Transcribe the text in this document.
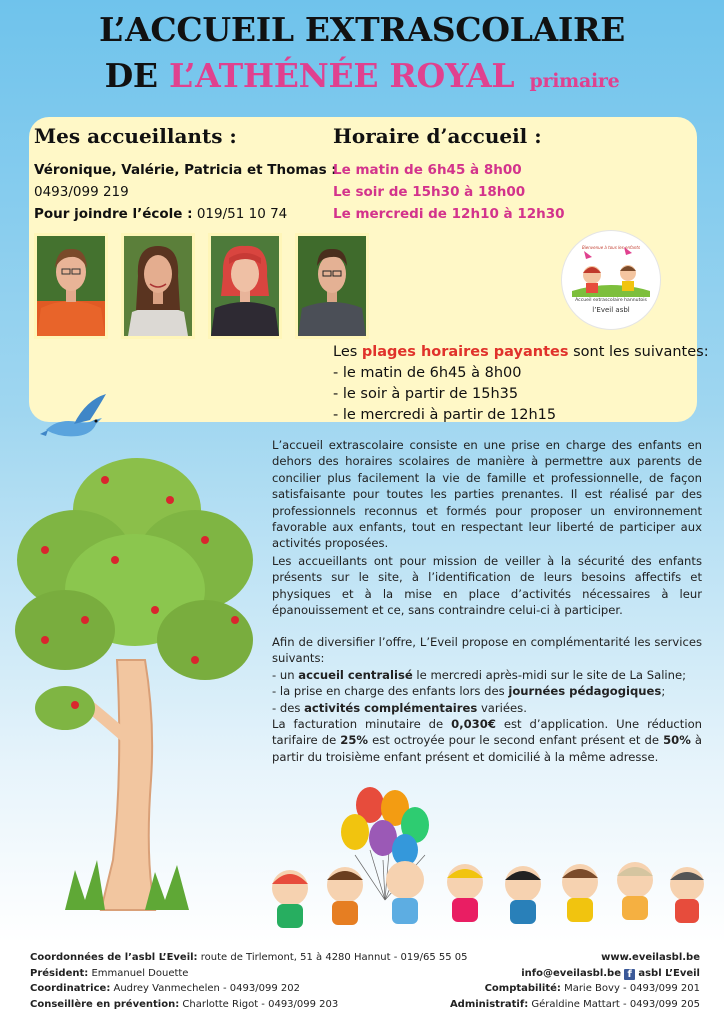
L’ACCUEIL EXTRASCOLAIRE
DE L’ATHÉNÉE ROYAL primaire
Mes accueillants :	Horaire d’accueil :
Véronique, Valérie, Patricia et Thomas :
0493/099 219
Pour joindre l’école : 019/51 10 74
Le matin de 6h45 à 8h00
Le soir de 15h30 à 18h00
Le mercredi de 12h10 à 12h30
Bienvenue à tous les enfants
Accueil extrascolaire hannutois
l’Eveil asbl
Les plages horaires payantes sont les suivantes:
- le matin de 6h45 à 8h00
- le soir à partir de 15h35
- le mercredi à partir de 12h15

L’accueil extrascolaire consiste en une prise en charge des enfants en dehors des horaires scolaires de manière à permettre aux parents de concilier plus facilement la vie de famille et professionnelle, de façon satisfaisante pour toutes les parties prenantes. Il est réalisé par des professionnels reconnus et formés pour proposer un environnement favorable aux enfants, tout en respectant leur liberté de participer aux activités proposées.

Les accueillants ont pour mission de veiller à la sécurité des enfants présents sur le site, à l’identification de leurs besoins affectifs et physiques et à la mise en place d’activités nécessaires à leur épanouissement et ce, sans contraindre celui-ci à participer.

Afin de diversifier l’offre, L’Eveil propose en complémentarité les services suivants:

- un accueil centralisé le mercredi après-midi sur le site de La Saline;

- la prise en charge des enfants lors des journées pédagogiques;

- des activités complémentaires variées.

La facturation minutaire de 0,030€ est d’application. Une réduction tarifaire de 25% est octroyée pour le second enfant présent et de 50% à partir du troisième enfant présent et domicilié à la même adresse.

Coordonnées de l’asbl L’Eveil: route de Tirlemont, 51 à 4280 Hannut - 019/65 55 05
Président: Emmanuel Douette
Coordinatrice: Audrey Vanmechelen - 0493/099 202
Conseillère en prévention: Charlotte Rigot - 0493/099 203
www.eveilasbl.be
info@eveilasbl.be f asbl L’Eveil
Comptabilité: Marie Bovy - 0493/099 201
Administratif: Géraldine Mattart - 0493/099 205
